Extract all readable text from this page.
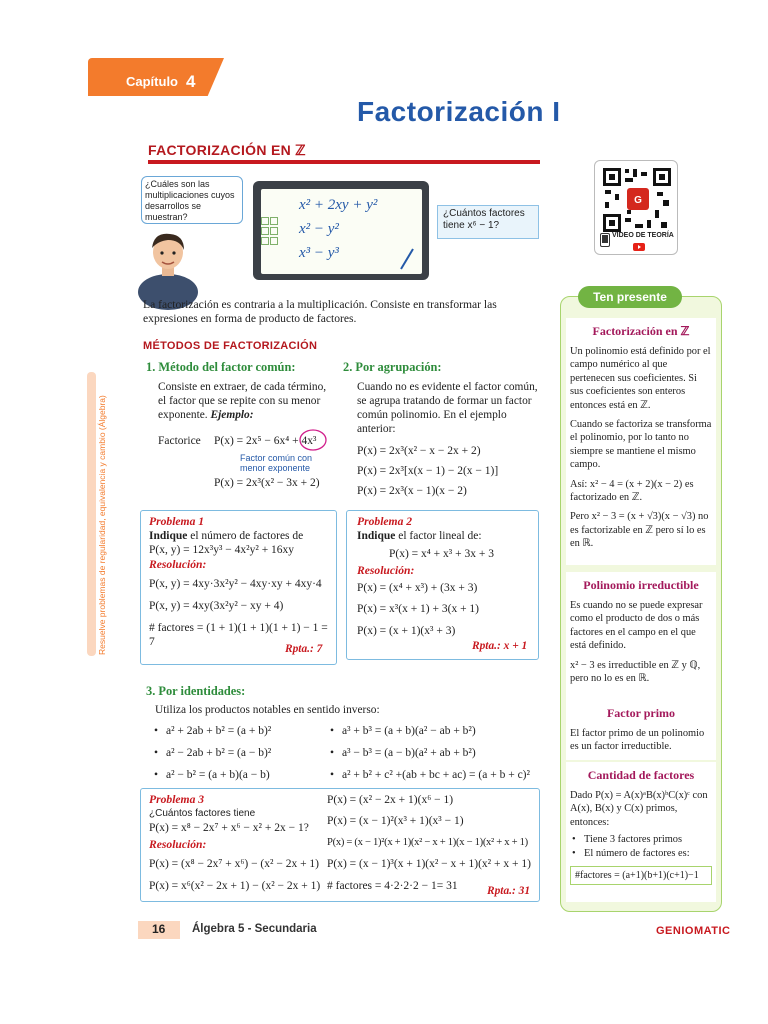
Capítulo 4
Factorización I
FACTORIZACIÓN EN ℤ
¿Cuáles son las multiplicaciones cuyos desarrollos se muestran?
x² + 2xy + y²
x² − y²
x³ − y³
¿Cuántos factores tiene x⁶ − 1?
G
VIDEO DE TEORÍA
La factorización es contraria a la multiplicación. Consiste en transformar las expresiones en forma de producto de factores.
Resuelve problemas de regularidad, equivalencia y cambio (Álgebra)
MÉTODOS DE FACTORIZACIÓN
1. Método del factor común:
Consiste en extraer, de cada término, el factor que se repite con su menor exponente. Ejemplo:
Factorice P(x) = 2x⁵ − 6x⁴ + 4x³
Factor común con menor exponente
P(x) = 2x³(x² − 3x + 2)
2. Por agrupación:
Cuando no es evidente el factor común, se agrupa tratando de formar un factor común polinomio. En el ejemplo anterior:
P(x) = 2x³(x² − x − 2x + 2)
P(x) = 2x³[x(x − 1) − 2(x − 1)]
P(x) = 2x³(x − 1)(x − 2)
Problema 1
Indique el número de factores de
P(x, y) = 12x³y³ − 4x²y² + 16xy
Resolución:
P(x, y) = 4xy·3x²y² − 4xy·xy + 4xy·4
P(x, y) = 4xy(3x²y² − xy + 4)
# factores = (1 + 1)(1 + 1)(1 + 1) − 1 = 7
Rpta.: 7
Problema 2
Indique el factor lineal de:
P(x) = x⁴ + x³ + 3x + 3
Resolución:
P(x) = (x⁴ + x³) + (3x + 3)
P(x) = x³(x + 1) + 3(x + 1)
P(x) = (x + 1)(x³ + 3)
Rpta.: x + 1
3. Por identidades:
Utiliza los productos notables en sentido inverso:
• a² + 2ab + b² = (a + b)²
• a² − 2ab + b² = (a − b)²
• a² − b² = (a + b)(a − b)
• a³ + b³ = (a + b)(a² − ab + b²)
• a³ − b³ = (a − b)(a² + ab + b²)
• a² + b² + c² +(ab + bc + ac) = (a + b + c)²
Problema 3
¿Cuántos factores tiene
P(x) = x⁸ − 2x⁷ + x⁶ − x² + 2x − 1?
Resolución:
P(x) = (x⁸ − 2x⁷ + x⁶) − (x² − 2x + 1)
P(x) = x⁶(x² − 2x + 1) − (x² − 2x + 1)
P(x) = (x² − 2x + 1)(x⁶ − 1)
P(x) = (x − 1)²(x³ + 1)(x³ − 1)
P(x) = (x − 1)²(x + 1)(x² − x + 1)(x − 1)(x² + x + 1)
P(x) = (x − 1)³(x + 1)(x² − x + 1)(x² + x + 1)
# factores = 4·2·2·2 − 1= 31	Rpta.: 31
Ten presente
Factorización en ℤ
Un polinomio está definido por el campo numérico al que pertenecen sus coeficientes. Si sus coeficientes son enteros entonces está en ℤ.
Cuando se factoriza se transforma el polinomio, por lo tanto no siempre se mantiene el mismo campo.
Así: x² − 4 = (x + 2)(x − 2) es factorizado en ℤ.
Pero x² − 3 = (x + √3)(x − √3) no es factorizable en ℤ pero sí lo es en ℝ.
Polinomio irreductible
Es cuando no se puede expresar como el producto de dos o más factores en el campo en el que está definido.
x² − 3 es irreductible en ℤ y ℚ, pero no lo es en ℝ.
Factor primo
El factor primo de un polinomio es un factor irreductible.
Cantidad de factores
Dado P(x) = A(x)ᵃB(x)ᵇC(x)ᶜ con A(x), B(x) y C(x) primos, entonces:
• Tiene 3 factores primos
• El número de factores es:
#factores = (a+1)(b+1)(c+1)−1
16 Álgebra 5 - Secundaria	GENIOMATIC
